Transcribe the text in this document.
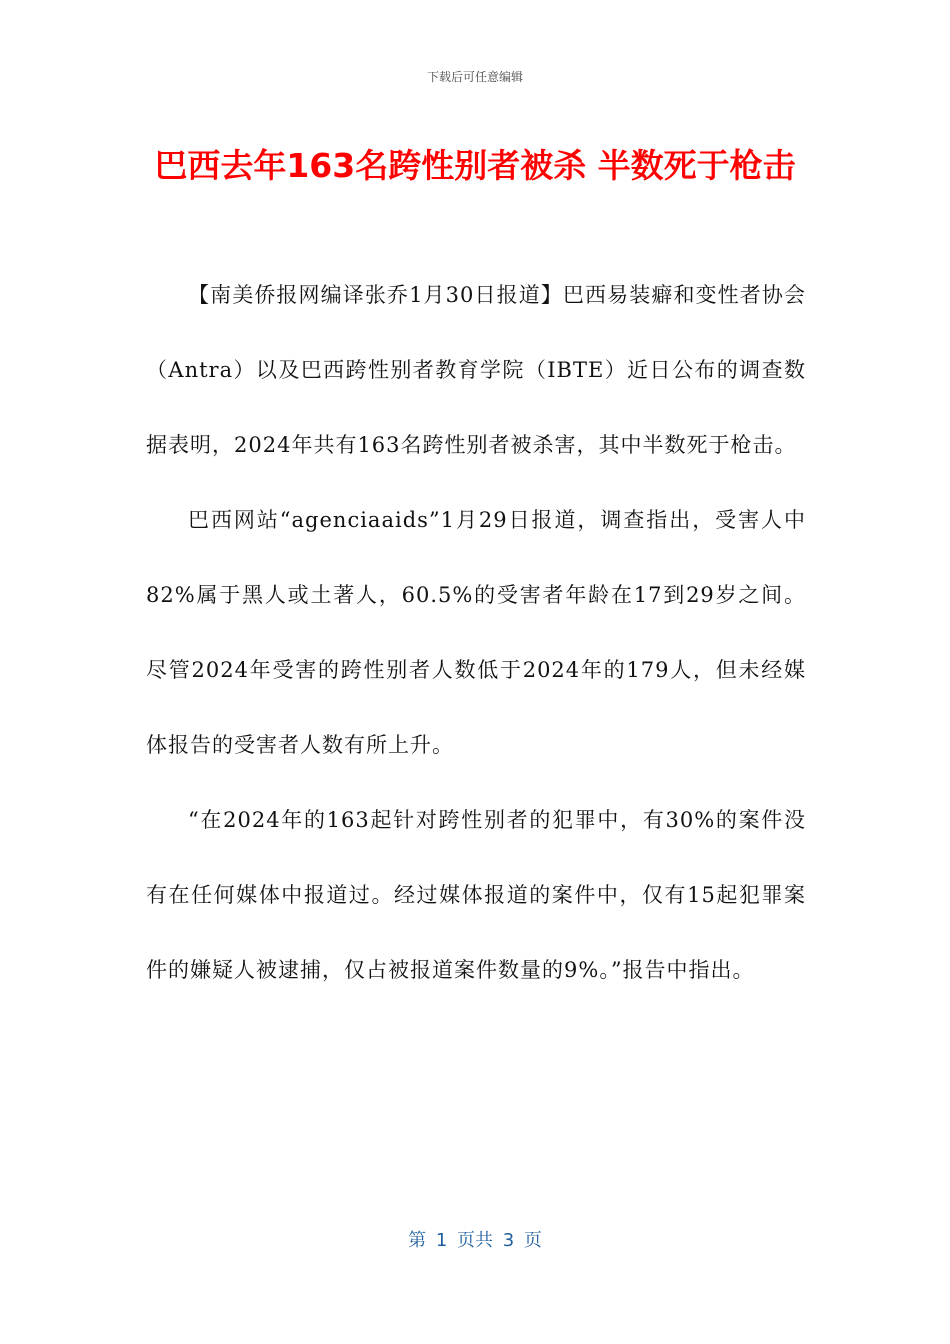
下载后可任意编辑
巴西去年163名跨性别者被杀 半数死于枪击

【南美侨报网编译张乔1月30日报道】巴西易装癖和变性者协会（Antra）以及巴西跨性别者教育学院（IBTE）近日公布的调查数据表明，2024年共有163名跨性别者被杀害，其中半数死于枪击。

巴西网站“agenciaaids”1月29日报道，调查指出，受害人中82%属于黑人或土著人，60.5%的受害者年龄在17到29岁之间。尽管2024年受害的跨性别者人数低于2024年的179人，但未经媒体报告的受害者人数有所上升。

“在2024年的163起针对跨性别者的犯罪中，有30%的案件没有在任何媒体中报道过。经过媒体报道的案件中，仅有15起犯罪案件的嫌疑人被逮捕，仅占被报道案件数量的9%。”报告中指出。

第 1 页共 3 页
